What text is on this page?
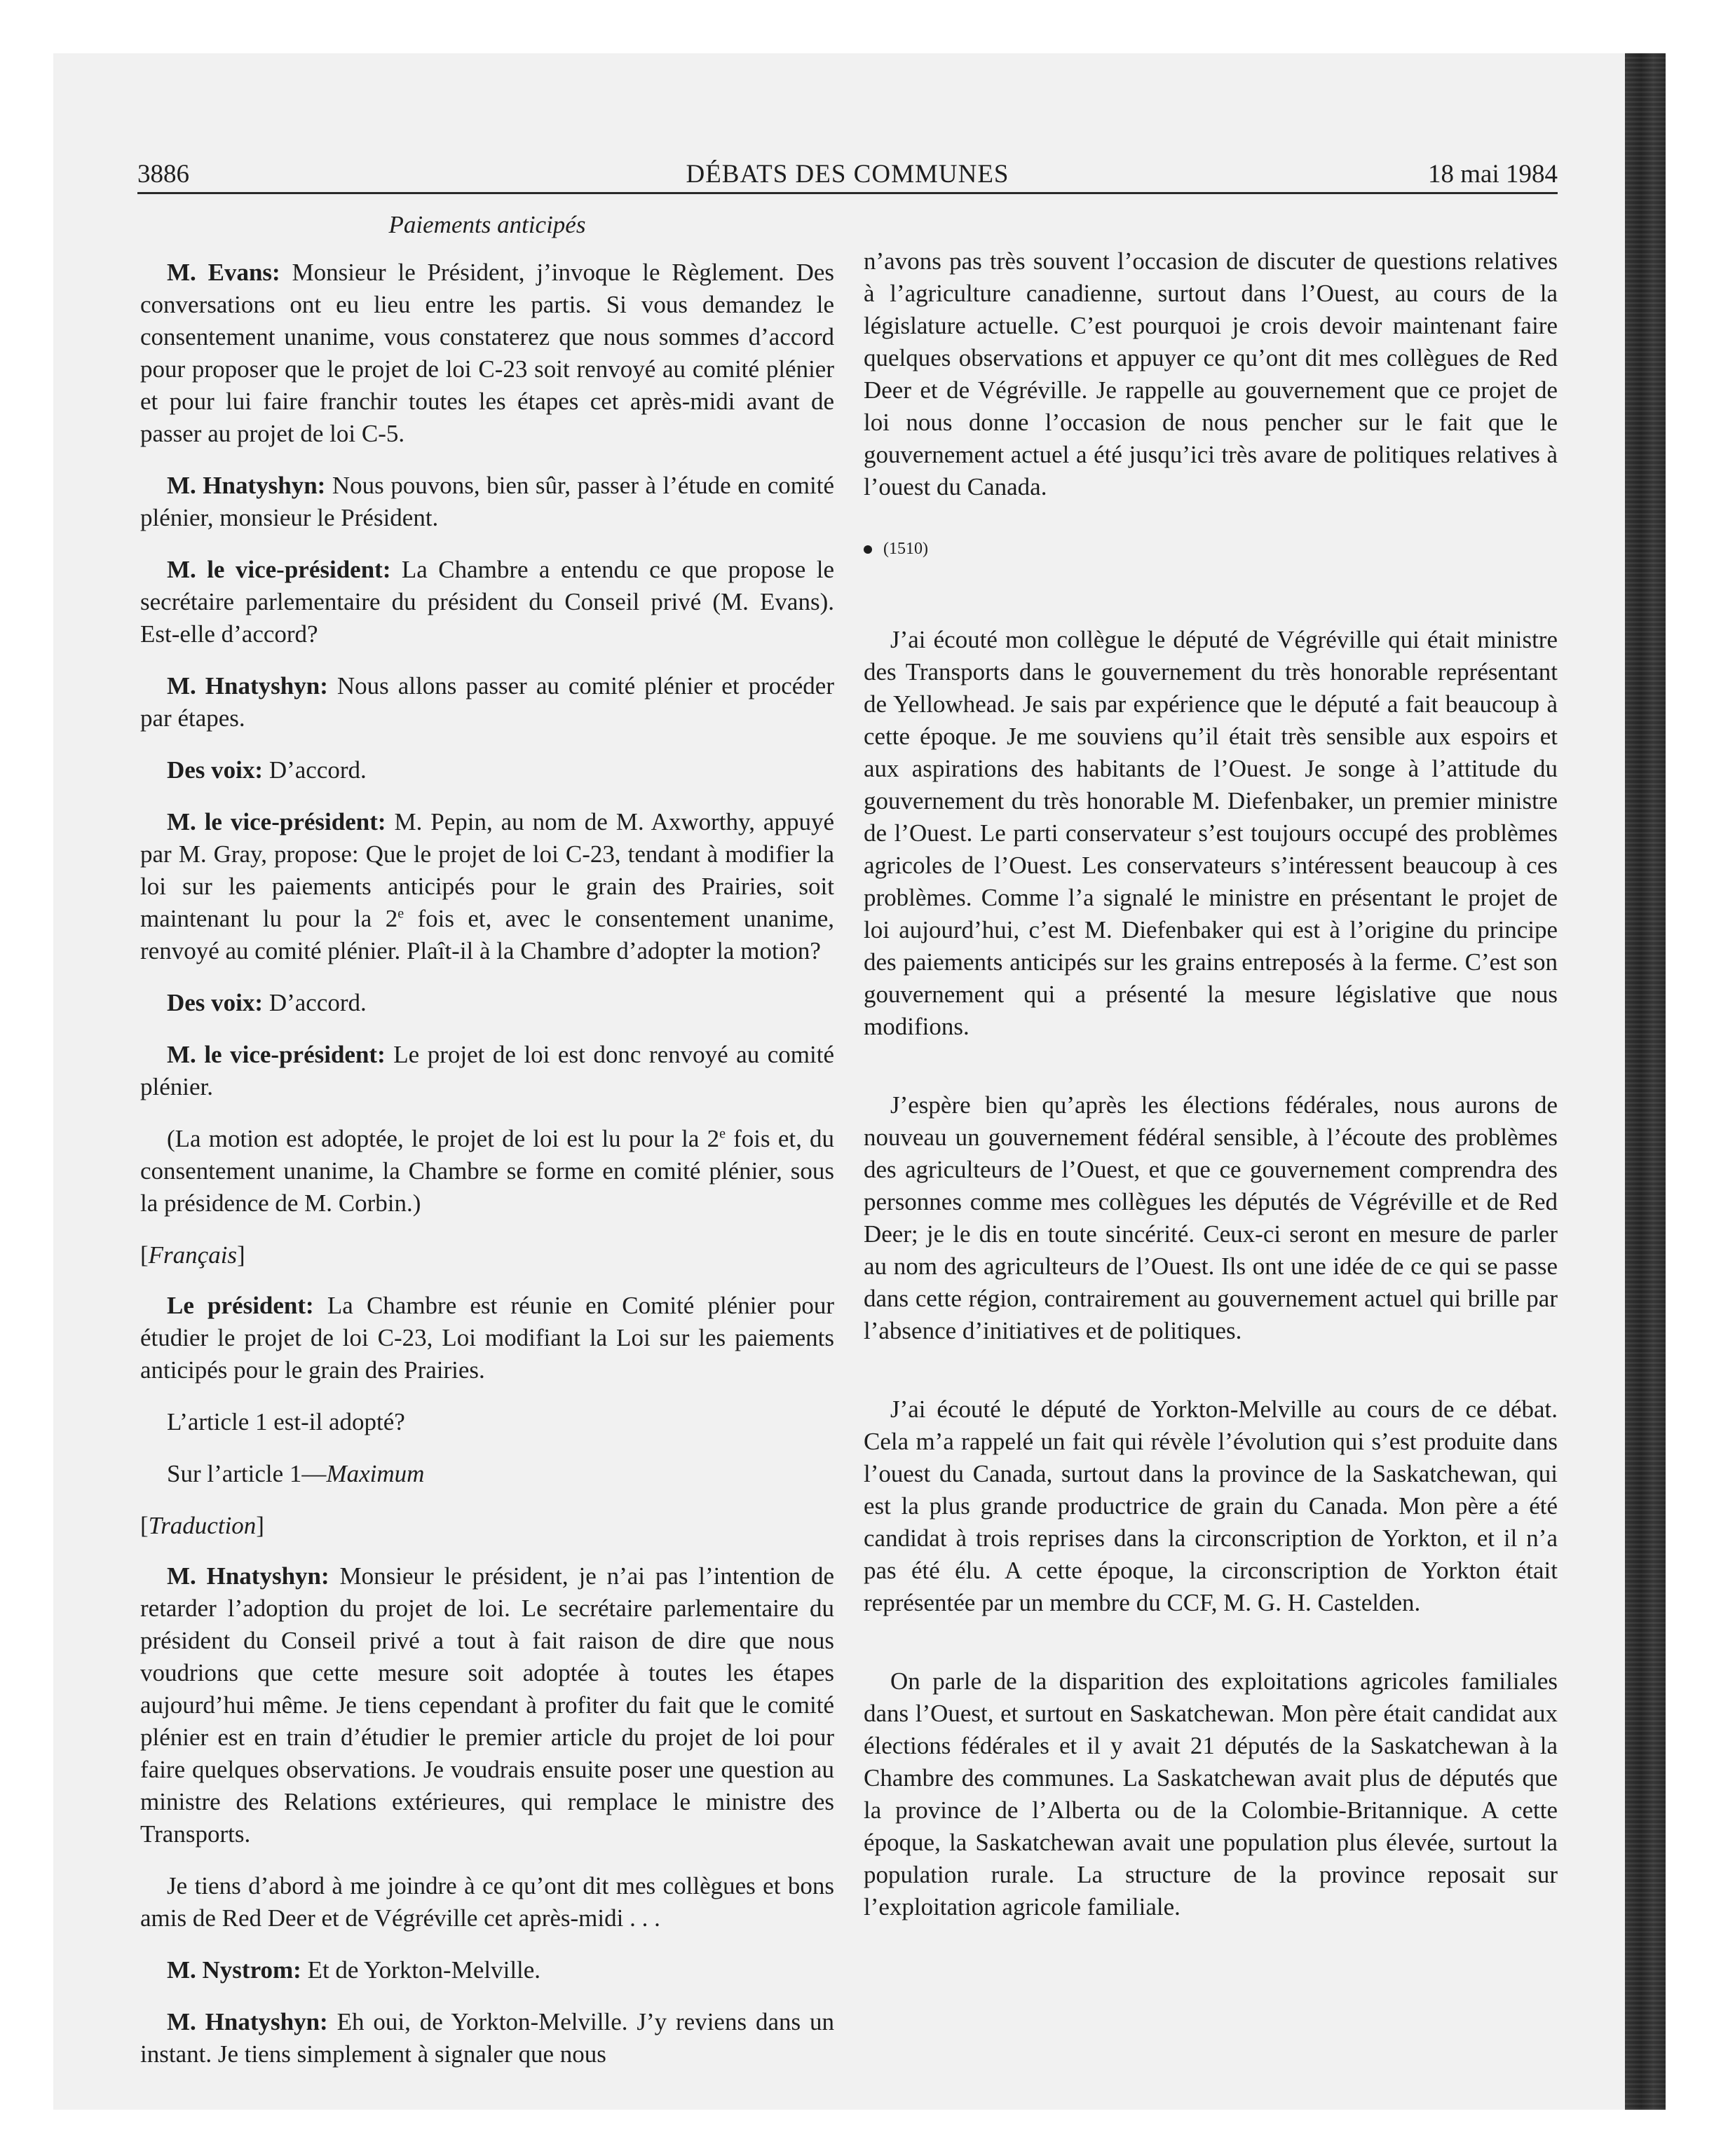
3886	DÉBATS DES COMMUNES	18 mai 1984

Paiements anticipés

M. Evans: Monsieur le Président, j’invoque le Règlement. Des conversations ont eu lieu entre les partis. Si vous demandez le consentement unanime, vous constaterez que nous sommes d’accord pour proposer que le projet de loi C-23 soit renvoyé au comité plénier et pour lui faire franchir toutes les étapes cet après-midi avant de passer au projet de loi C-5.

M. Hnatyshyn: Nous pouvons, bien sûr, passer à l’étude en comité plénier, monsieur le Président.

M. le vice-président: La Chambre a entendu ce que propose le secrétaire parlementaire du président du Conseil privé (M. Evans). Est-elle d’accord?

M. Hnatyshyn: Nous allons passer au comité plénier et procéder par étapes.

Des voix: D’accord.

M. le vice-président: M. Pepin, au nom de M. Axworthy, appuyé par M. Gray, propose: Que le projet de loi C-23, tendant à modifier la loi sur les paiements anticipés pour le grain des Prairies, soit maintenant lu pour la 2e fois et, avec le consentement unanime, renvoyé au comité plénier. Plaît-il à la Chambre d’adopter la motion?

Des voix: D’accord.

M. le vice-président: Le projet de loi est donc renvoyé au comité plénier.

(La motion est adoptée, le projet de loi est lu pour la 2e fois et, du consentement unanime, la Chambre se forme en comité plénier, sous la présidence de M. Corbin.)

[Français]

Le président: La Chambre est réunie en Comité plénier pour étudier le projet de loi C-23, Loi modifiant la Loi sur les paiements anticipés pour le grain des Prairies.

L’article 1 est-il adopté?

Sur l’article 1—Maximum

[Traduction]

M. Hnatyshyn: Monsieur le président, je n’ai pas l’intention de retarder l’adoption du projet de loi. Le secrétaire parlementaire du président du Conseil privé a tout à fait raison de dire que nous voudrions que cette mesure soit adoptée à toutes les étapes aujourd’hui même. Je tiens cependant à profiter du fait que le comité plénier est en train d’étudier le premier article du projet de loi pour faire quelques observations. Je voudrais ensuite poser une question au ministre des Relations extérieures, qui remplace le ministre des Transports.

Je tiens d’abord à me joindre à ce qu’ont dit mes collègues et bons amis de Red Deer et de Végréville cet après-midi . . .

M. Nystrom: Et de Yorkton-Melville.

M. Hnatyshyn: Eh oui, de Yorkton-Melville. J’y reviens dans un instant. Je tiens simplement à signaler que nous

n’avons pas très souvent l’occasion de discuter de questions relatives à l’agriculture canadienne, surtout dans l’Ouest, au cours de la législature actuelle. C’est pourquoi je crois devoir maintenant faire quelques observations et appuyer ce qu’ont dit mes collègues de Red Deer et de Végréville. Je rappelle au gouvernement que ce projet de loi nous donne l’occasion de nous pencher sur le fait que le gouvernement actuel a été jusqu’ici très avare de politiques relatives à l’ouest du Canada.

(1510)

J’ai écouté mon collègue le député de Végréville qui était ministre des Transports dans le gouvernement du très honorable représentant de Yellowhead. Je sais par expérience que le député a fait beaucoup à cette époque. Je me souviens qu’il était très sensible aux espoirs et aux aspirations des habitants de l’Ouest. Je songe à l’attitude du gouvernement du très honorable M. Diefenbaker, un premier ministre de l’Ouest. Le parti conservateur s’est toujours occupé des problèmes agricoles de l’Ouest. Les conservateurs s’intéressent beaucoup à ces problèmes. Comme l’a signalé le ministre en présentant le projet de loi aujourd’hui, c’est M. Diefenbaker qui est à l’origine du principe des paiements anticipés sur les grains entreposés à la ferme. C’est son gouvernement qui a présenté la mesure législative que nous modifions.

J’espère bien qu’après les élections fédérales, nous aurons de nouveau un gouvernement fédéral sensible, à l’écoute des problèmes des agriculteurs de l’Ouest, et que ce gouvernement comprendra des personnes comme mes collègues les députés de Végréville et de Red Deer; je le dis en toute sincérité. Ceux-ci seront en mesure de parler au nom des agriculteurs de l’Ouest. Ils ont une idée de ce qui se passe dans cette région, contrairement au gouvernement actuel qui brille par l’absence d’initiatives et de politiques.

J’ai écouté le député de Yorkton-Melville au cours de ce débat. Cela m’a rappelé un fait qui révèle l’évolution qui s’est produite dans l’ouest du Canada, surtout dans la province de la Saskatchewan, qui est la plus grande productrice de grain du Canada. Mon père a été candidat à trois reprises dans la circonscription de Yorkton, et il n’a pas été élu. A cette époque, la circonscription de Yorkton était représentée par un membre du CCF, M. G. H. Castelden.

On parle de la disparition des exploitations agricoles familiales dans l’Ouest, et surtout en Saskatchewan. Mon père était candidat aux élections fédérales et il y avait 21 députés de la Saskatchewan à la Chambre des communes. La Saskatchewan avait plus de députés que la province de l’Alberta ou de la Colombie-Britannique. A cette époque, la Saskatchewan avait une population plus élevée, surtout la population rurale. La structure de la province reposait sur l’exploitation agricole familiale.
